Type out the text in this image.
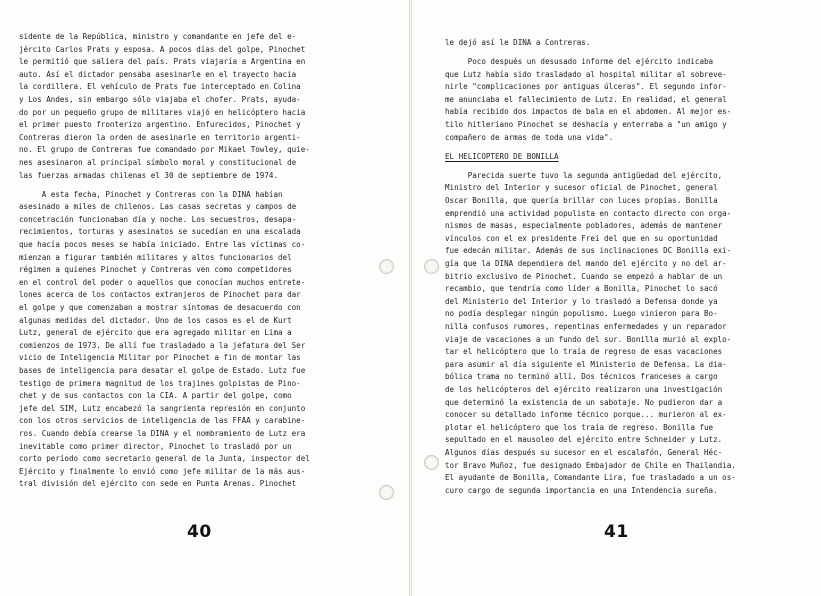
sidente de la República, ministro y comandante en jefe del e-
jército Carlos Prats y esposa. A pocos días del golpe, Pinochet
le permitió que saliera del país. Prats viajaría a Argentina en
auto. Así el dictador pensaba asesinarle en el trayecto hacia
la cordillera. El vehículo de Prats fue interceptado en Colina
y Los Andes, sin embargo sólo viajaba el chofer. Prats, ayuda-
do por un pequeño grupo de militares viajó en helicóptero hacia
el primer puesto fronterizo argentino. Enfurecidos, Pinochet y
Contreras dieron la orden de asesinarle en territorio argenti-
no. El grupo de Contreras fue comandado por Mikael Towley, quie-
nes asesinaron al principal símbolo moral y constitucional de
las fuerzas armadas chilenas el 30 de septiembre de 1974.
A esta fecha, Pinochet y Contreras con la DINA habían
asesinado a miles de chilenos. Las casas secretas y campos de
concetración funcionaban día y noche. Los secuestros, desapa-
recimientos, torturas y asesinatos se sucedían en una escalada
que hacía pocos meses se había iniciado. Entre las víctimas co-
mienzan a figurar también militares y altos funcionarios del
régimen a quienes Pinochet y Contreras ven como competidores
en el control del poder o aquellos que conocían muchos entrete-
lones acerca de los contactos extranjeros de Pinochet para dar
el golpe y que comenzaban a mostrar síntomas de desacuerdo con
algunas medidas del dictador. Uno de los casos es el de Kurt
Lutz, general de ejército que era agregado militar en Lima a
comienzos de 1973. De allí fue trasladado a la jefatura del Ser
vicio de Inteligencia Militar por Pinochet a fin de montar las
bases de inteligencia para desatar el golpe de Estado. Lutz fue
testigo de primera magnitud de los trajines golpistas de Pino-
chet y de sus contactos con la CIA. A partir del golpe, como
jefe del SIM, Lutz encabezó la sangrienta represión en conjunto
con los otros servicios de inteligencia de las FFAA y carabine-
ros. Cuando debía crearse la DINA y el nombramiento de Lutz era
inevitable como primer director, Pinochet lo trasladó por un
corto período como secretario general de la Junta, inspector del
Ejército y finalmente lo envió como jefe militar de la más aus-
tral división del ejército con sede en Punta Arenas. Pinochet
40
le dejó así le DINA a Contreras.
Poco después un desusado informe del ejército indicaba
que Lutz había sido trasladado al hospital militar al sobreve-
nirle "complicaciones por antiguas úlceras". El segundo infor-
me anunciaba el fallecimiento de Lutz. En realidad, el general
había recibido dos impactos de bala en el abdomen. Al mejor es-
tilo hitleriano Pinochet se deshacía y enterraba a "un amigo y
compañero de armas de toda una vida".
EL HELICOPTERO DE BONILLA
Parecida suerte tuvo la segunda antigüedad del ejército,
Ministro del Interior y sucesor oficial de Pinochet, general
Oscar Bonilla, que quería brillar con luces propias. Bonilla
emprendió una actividad populista en contacto directo con orga-
nismos de masas, especialmente pobladores, además de mantener
vínculos con el ex presidente Frei del que en su oportunidad
fue edecán militar. Además de sus inclinaciones DC Bonilla exi-
gía que la DINA dependiera del mando del ejército y no del ar-
bitrio exclusivo de Pinochet. Cuando se empezó a hablar de un
recambio, que tendría como líder a Bonilla, Pinochet lo sacó
del Ministerio del Interior y lo trasladó a Defensa donde ya
no podía desplegar ningún populismo. Luego vinieron para Bo-
nilla confusos rumores, repentinas enfermedades y un reparador
viaje de vacaciones a un fundo del sur. Bonilla murió al explo-
tar el helicóptero que lo traía de regreso de esas vacaciones
para asumir al día siguiente el Ministerio de Defensa. La dia-
bólica trama no terminó allí. Dos técnicos franceses a cargo
de los helicópteros del ejército realizaron una investigación
que determinó la existencia de un sabotaje. No pudieron dar a
conocer su detallado informe técnico porque... murieron al ex-
plotar el helicóptero que los traía de regreso. Bonilla fue
sepultado en el mausoleo del ejército entre Schneider y Lutz.
Algunos días después su sucesor en el escalafón, General Héc-
tor Bravo Muñoz, fue designado Embajador de Chile en Thailandia.
El ayudante de Bonilla, Comandante Lira, fue trasladado a un os-
curo cargo de segunda importancia en una Intendencia sureña.
41
